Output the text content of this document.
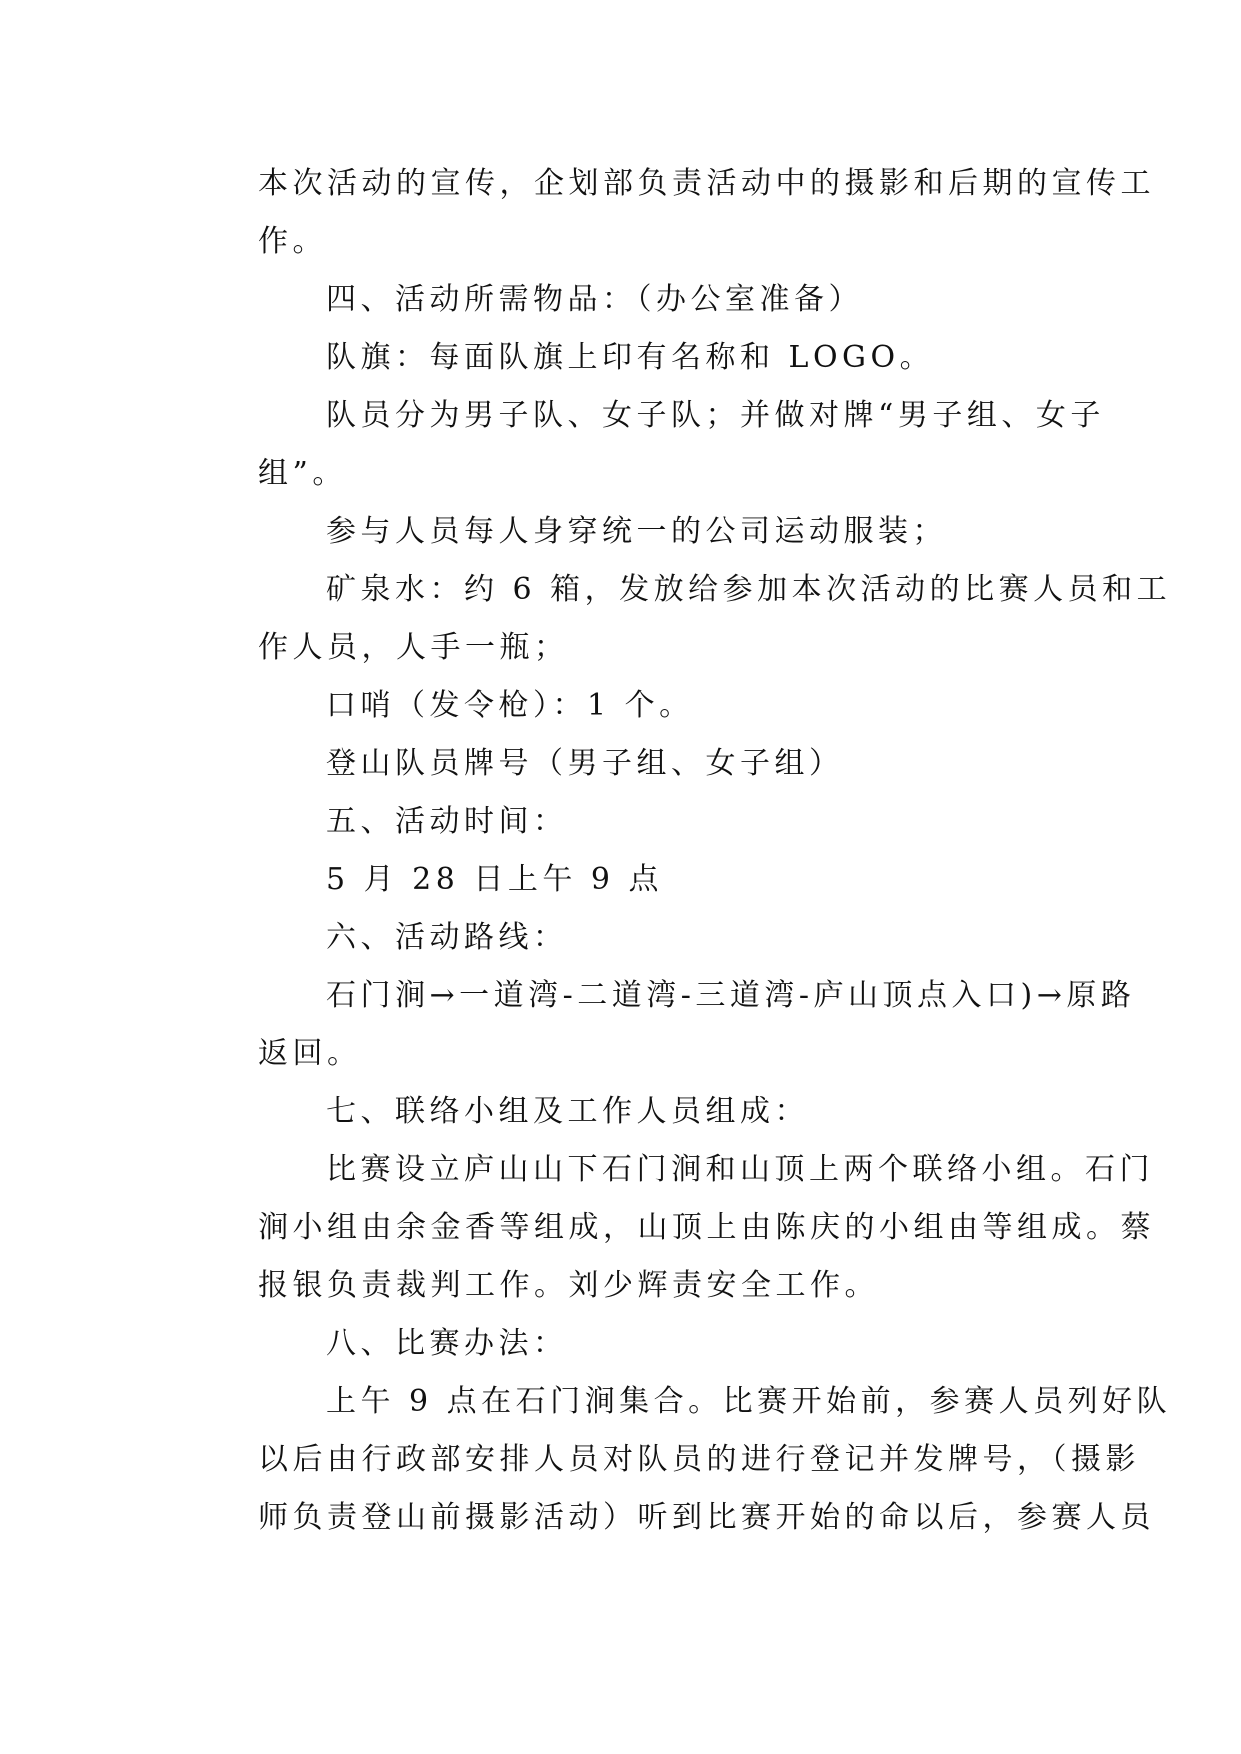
本次活动的宣传，企划部负责活动中的摄影和后期的宣传工
作。
四、活动所需物品：（办公室准备）
队旗：每面队旗上印有名称和 LOGO。
队员分为男子队、女子队；并做对牌“男子组、女子
组”。
参与人员每人身穿统一的公司运动服装；
矿泉水：约 6 箱，发放给参加本次活动的比赛人员和工
作人员，人手一瓶；
口哨（发令枪）：1 个。
登山队员牌号（男子组、女子组）
五、活动时间：
5 月 28 日上午 9 点
六、活动路线：
石门涧→一道湾-二道湾-三道湾-庐山顶点入口)→原路
返回。
七、联络小组及工作人员组成：
比赛设立庐山山下石门涧和山顶上两个联络小组。石门
涧小组由余金香等组成，山顶上由陈庆的小组由等组成。蔡
报银负责裁判工作。刘少辉责安全工作。
八、比赛办法：
上午 9 点在石门涧集合。比赛开始前，参赛人员列好队
以后由行政部安排人员对队员的进行登记并发牌号，（摄影
师负责登山前摄影活动）听到比赛开始的命以后，参赛人员
